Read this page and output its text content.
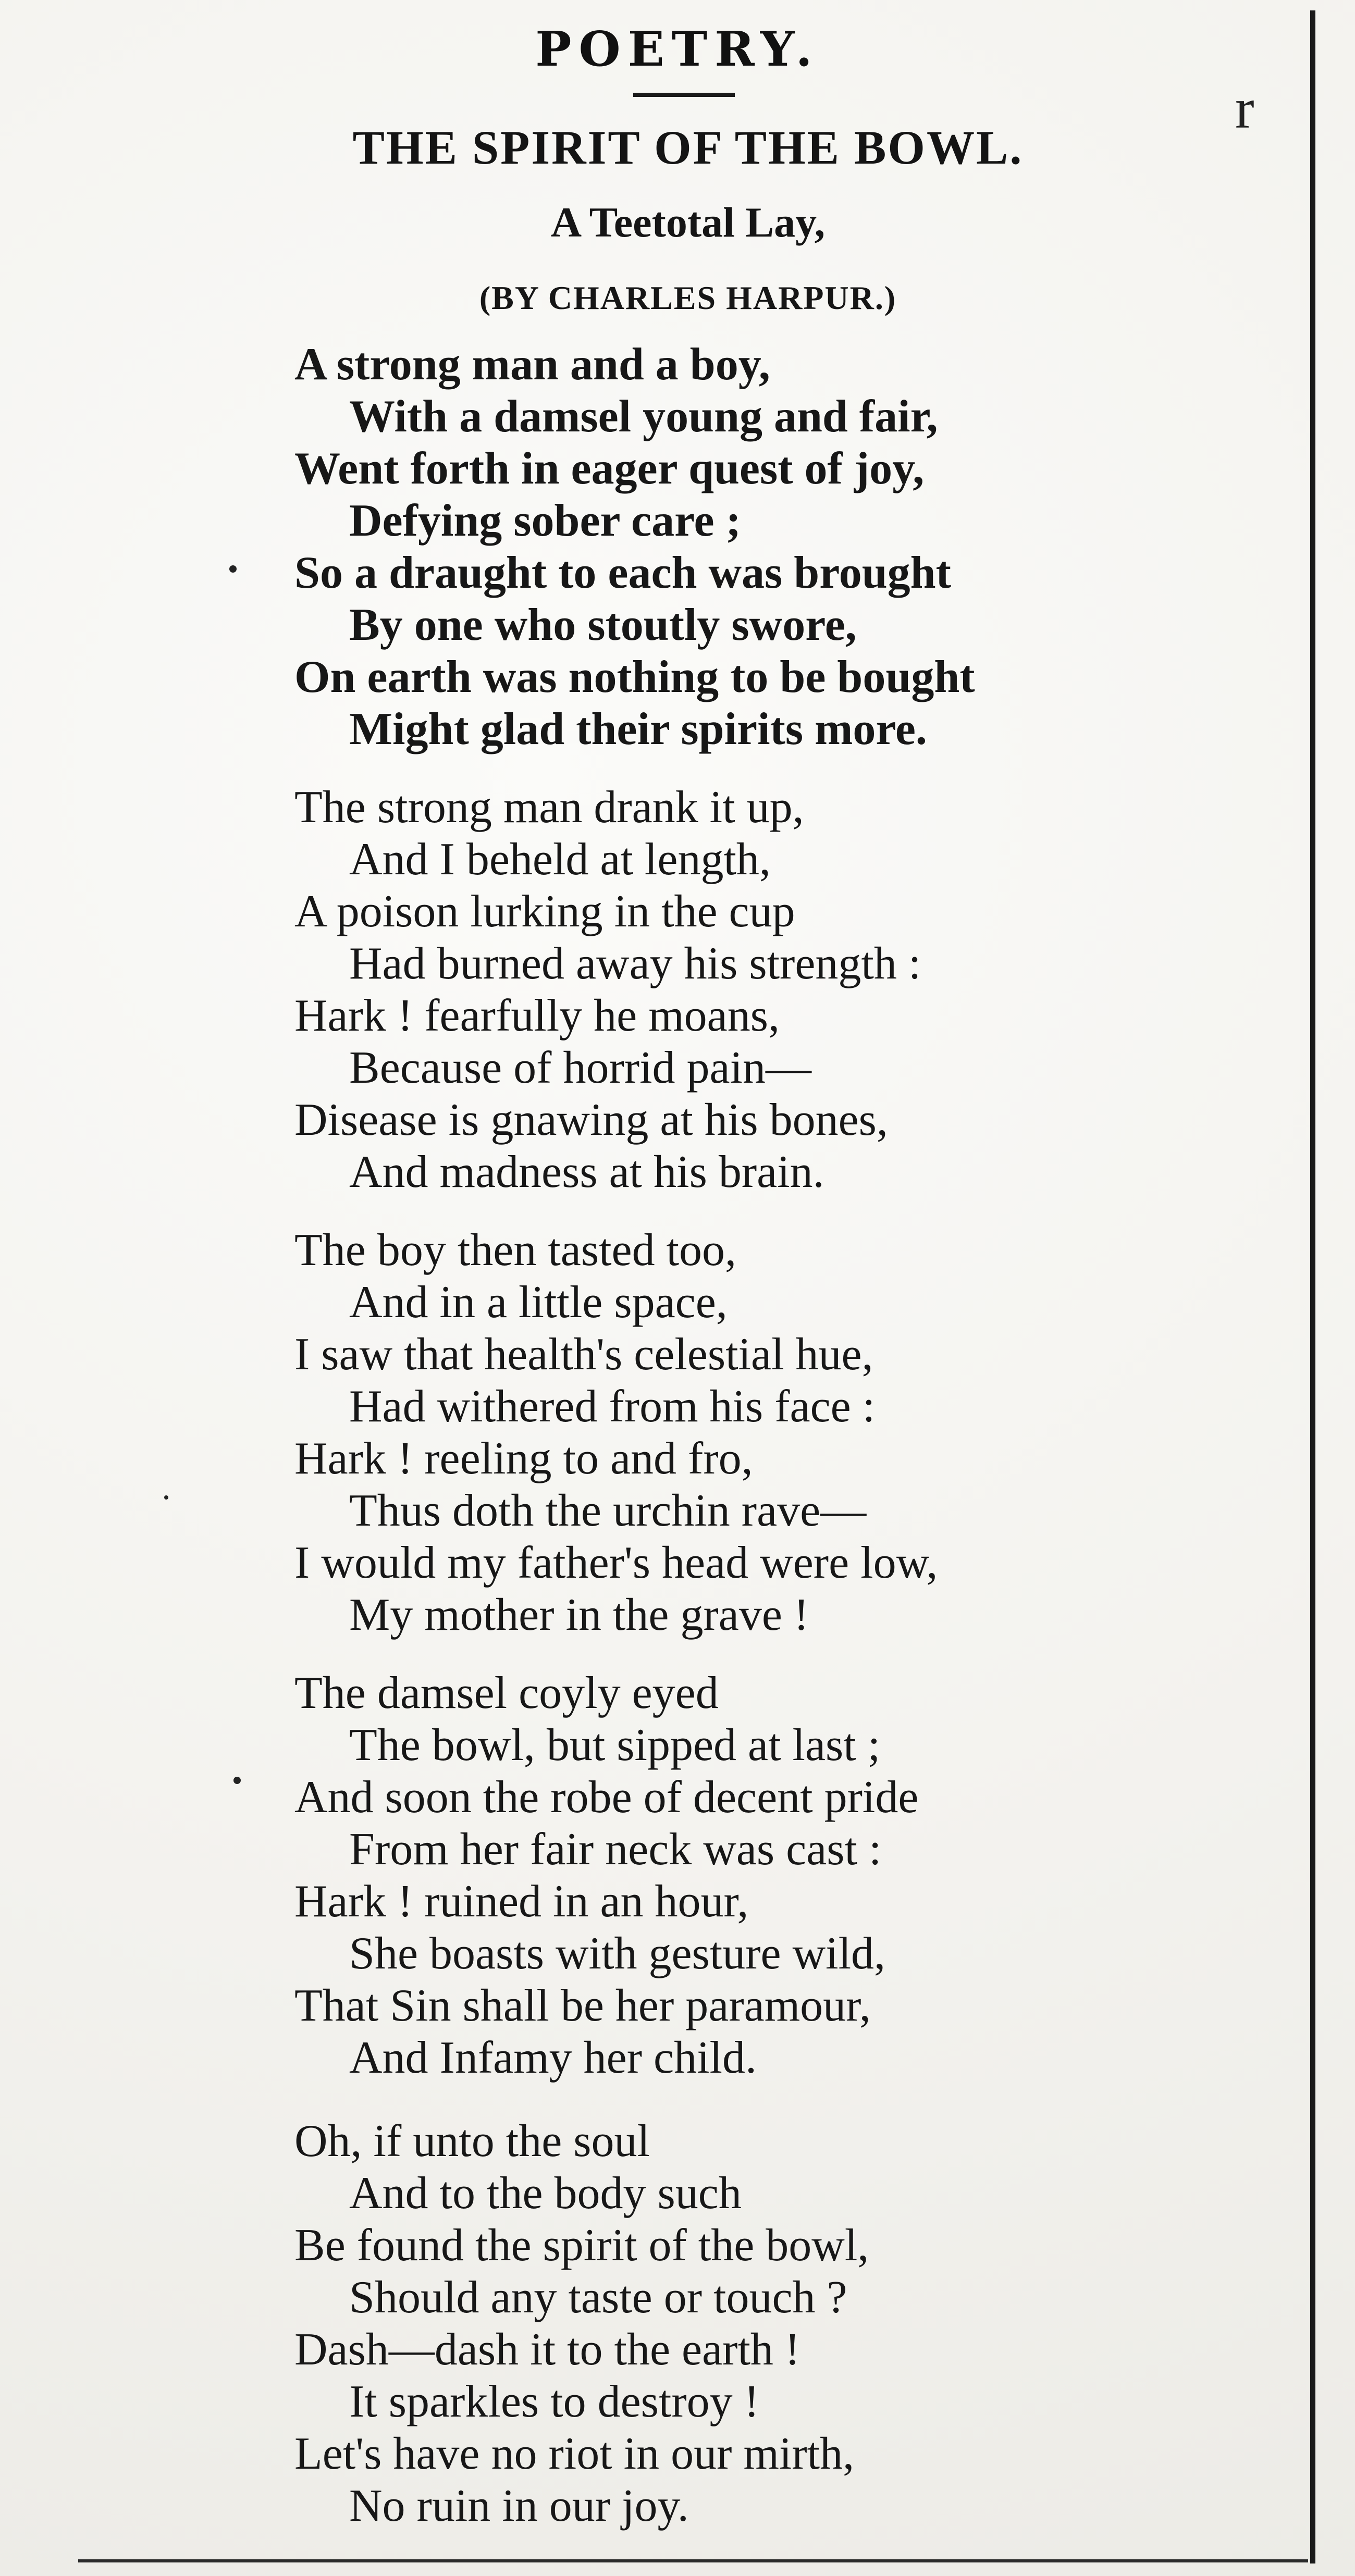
POETRY.
THE SPIRIT OF THE BOWL.
A Teetotal Lay,
(BY CHARLES HARPUR.)
r
A strong man and a boy,
With a damsel young and fair,
Went forth in eager quest of joy,
Defying sober care ;
So a draught to each was brought
By one who stoutly swore,
On earth was nothing to be bought
Might glad their spirits more.
The strong man drank it up,
And I beheld at length,
A poison lurking in the cup
Had burned away his strength :
Hark ! fearfully he moans,
Because of horrid pain—
Disease is gnawing at his bones,
And madness at his brain.
The boy then tasted too,
And in a little space,
I saw that health's celestial hue,
Had withered from his face :
Hark ! reeling to and fro,
Thus doth the urchin rave—
I would my father's head were low,
My mother in the grave !
The damsel coyly eyed
The bowl, but sipped at last ;
And soon the robe of decent pride
From her fair neck was cast :
Hark ! ruined in an hour,
She boasts with gesture wild,
That Sin shall be her paramour,
And Infamy her child.
Oh, if unto the soul
And to the body such
Be found the spirit of the bowl,
Should any taste or touch ?
Dash—dash it to the earth !
It sparkles to destroy !
Let's have no riot in our mirth,
No ruin in our joy.
